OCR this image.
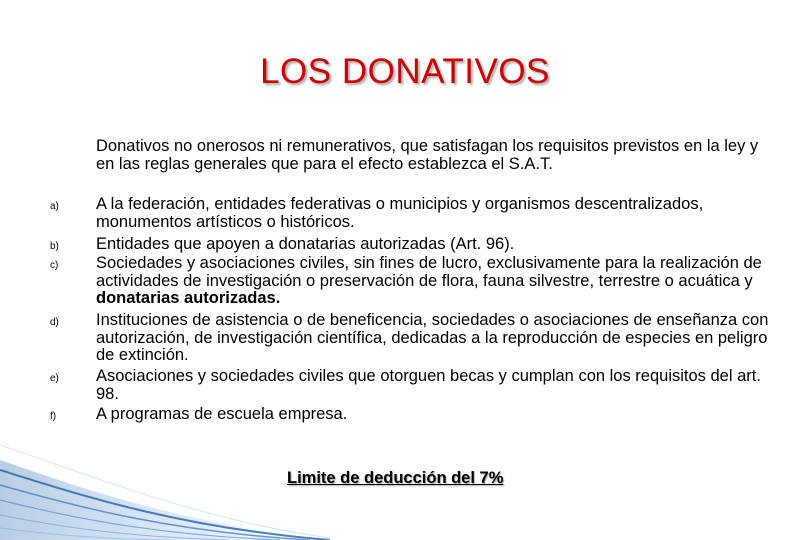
LOS DONATIVOS
Donativos no onerosos ni remunerativos, que satisfagan los requisitos previstos en la ley y en las reglas generales que para el efecto establezca el S.A.T.
a) A la federación, entidades federativas o municipios y organismos descentralizados, monumentos artísticos o históricos.
b) Entidades que apoyen a donatarias autorizadas (Art. 96).
c) Sociedades y asociaciones civiles, sin fines de lucro, exclusivamente para la realización de actividades de investigación o preservación de flora, fauna silvestre, terrestre o acuática y donatarias autorizadas.
d) Instituciones de asistencia o de beneficencia, sociedades o asociaciones de enseñanza con autorización, de investigación científica, dedicadas a la reproducción de especies en peligro de extinción.
e) Asociaciones y sociedades civiles que otorguen becas y cumplan con los requisitos del art. 98.
f) A programas de escuela empresa.
Limite de deducción del 7%
